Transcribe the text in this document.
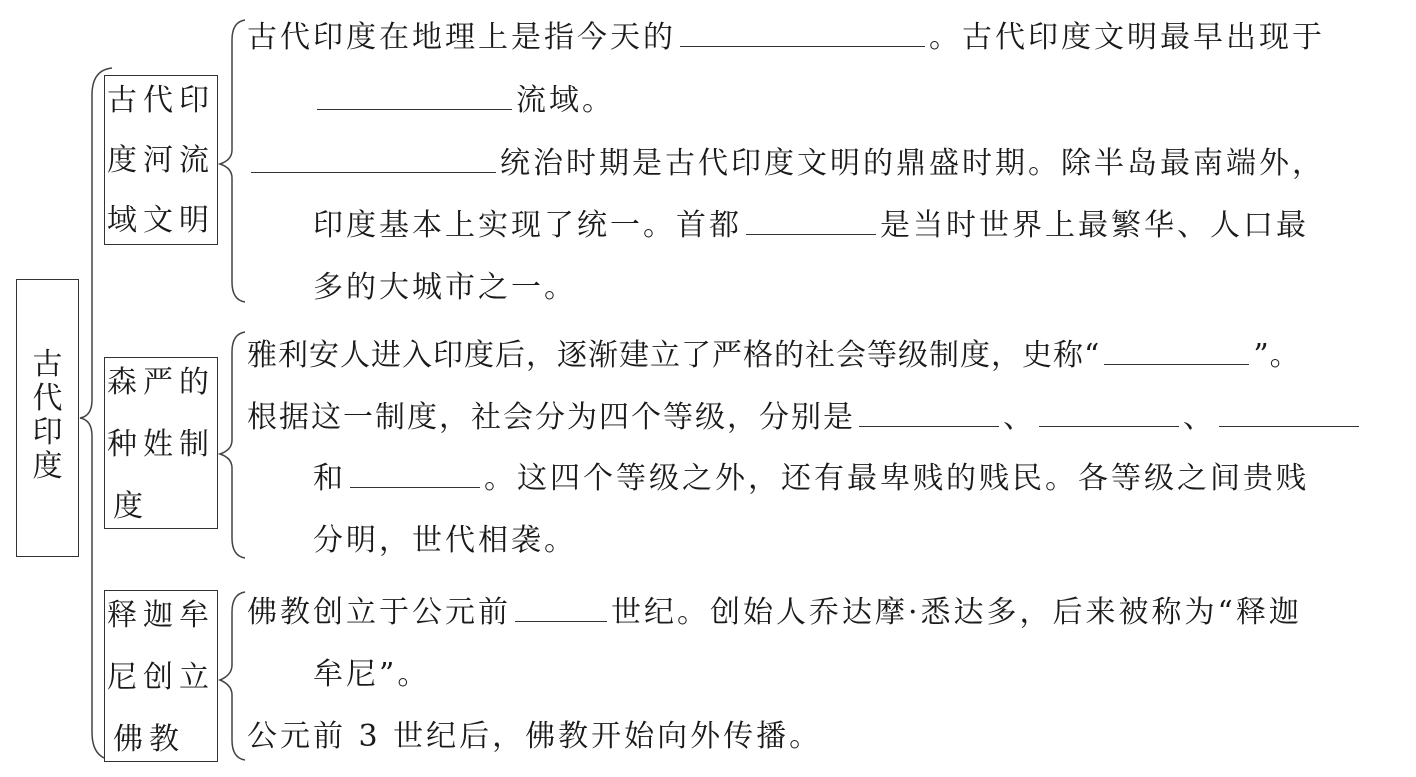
古
代
印
度
古代印
度河流
域文明
森严的
种姓制
度
释迦牟
尼创立
佛教
古代印度在地理上是指今天的	。古代印度文明最早出现于
流域。
统治时期是古代印度文明的鼎盛时期。除半岛最南端外，
印度基本上实现了统一。首都	是当时世界上最繁华、人口最
多的大城市之一。
雅利安人进入印度后，逐渐建立了严格的社会等级制度，史称“	”。
根据这一制度，社会分为四个等级，分别是	、	、
和	。这四个等级之外，还有最卑贱的贱民。各等级之间贵贱
分明，世代相袭。
佛教创立于公元前	世纪。创始人乔达摩·悉达多，后来被称为“释迦
牟尼”。
公元前 3 世纪后，佛教开始向外传播。
